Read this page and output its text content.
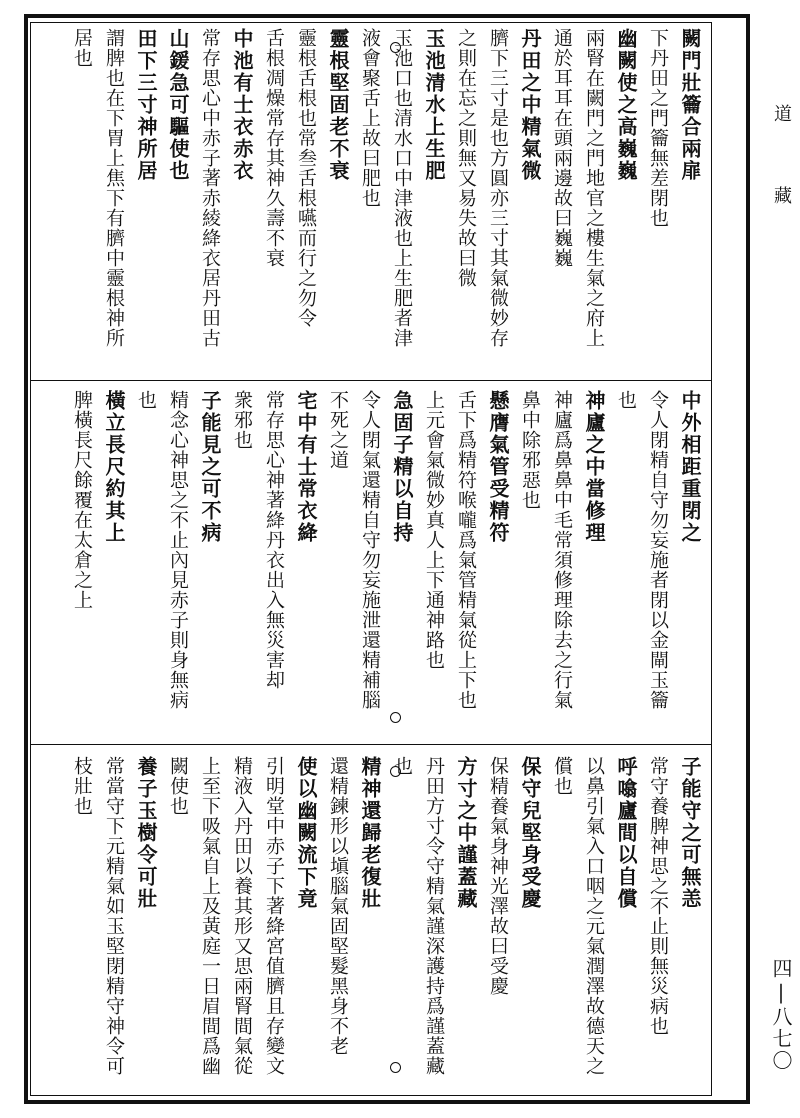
闕門壯籥合兩扉
下丹田之門籥無差閉也
幽闕使之高巍巍
兩腎在闕門之門地官之樓生氣之府上
通於耳耳在頭兩邊故曰巍巍
丹田之中精氣微
臍下三寸是也方圓亦三寸其氣微妙存
之則在忘之則無又易失故曰微
玉池清水上生肥
玉池口也清水口中津液也上生肥者津
液會聚舌上故曰肥也
靈根堅固老不衰
靈根舌根也常叁舌根嚥而行之勿令
舌根凋燥常存其神久壽不衰
中池有士衣赤衣
常存思心中赤子著赤綾絳衣居丹田古
山鍰急可驅使也
田下三寸神所居
謂脾也在下胃上焦下有臍中靈根神所
居也
中外相距重閉之
令人閉精自守勿妄施者閉以金閘玉籥
也
神廬之中當修理
神廬爲鼻鼻中毛常須修理除去之行氣
鼻中除邪惡也
懸膺氣管受精符
舌下爲精符喉嚨爲氣管精氣從上下也
上元會氣微妙真人上下通神路也
急固子精以自持
令人閉氣還精自守勿妄施泄還精補腦
不死之道
宅中有士常衣絳
常存思心神著絳丹衣出入無災害却
衆邪也
子能見之可不病
精念心神思之不止內見赤子則身無病
也
橫立長尺約其上
脾橫長尺餘覆在太倉之上
子能守之可無恙
常守養脾神思之不止則無災病也
呼噏廬間以自償
以鼻引氣入口咽之元氣潤澤故德天之
償也
保守兒堅身受慶
保精養氣身神光澤故曰受慶
方寸之中謹蓋藏
丹田方寸令守精氣謹深護持爲謹蓋藏
也
精神還歸老復壯
還精鍊形以塡腦氣固堅髮黑身不老
使以幽闕流下竟
引明堂中赤子下著絳宮值臍且存變文
精液入丹田以養其形又思兩腎間氣從
上至下吸氣自上及黃庭一日眉間爲幽
闕使也
養子玉樹令可壯
常當守下元精氣如玉堅閉精守神令可
枝壯也
道
藏
四|八七〇
